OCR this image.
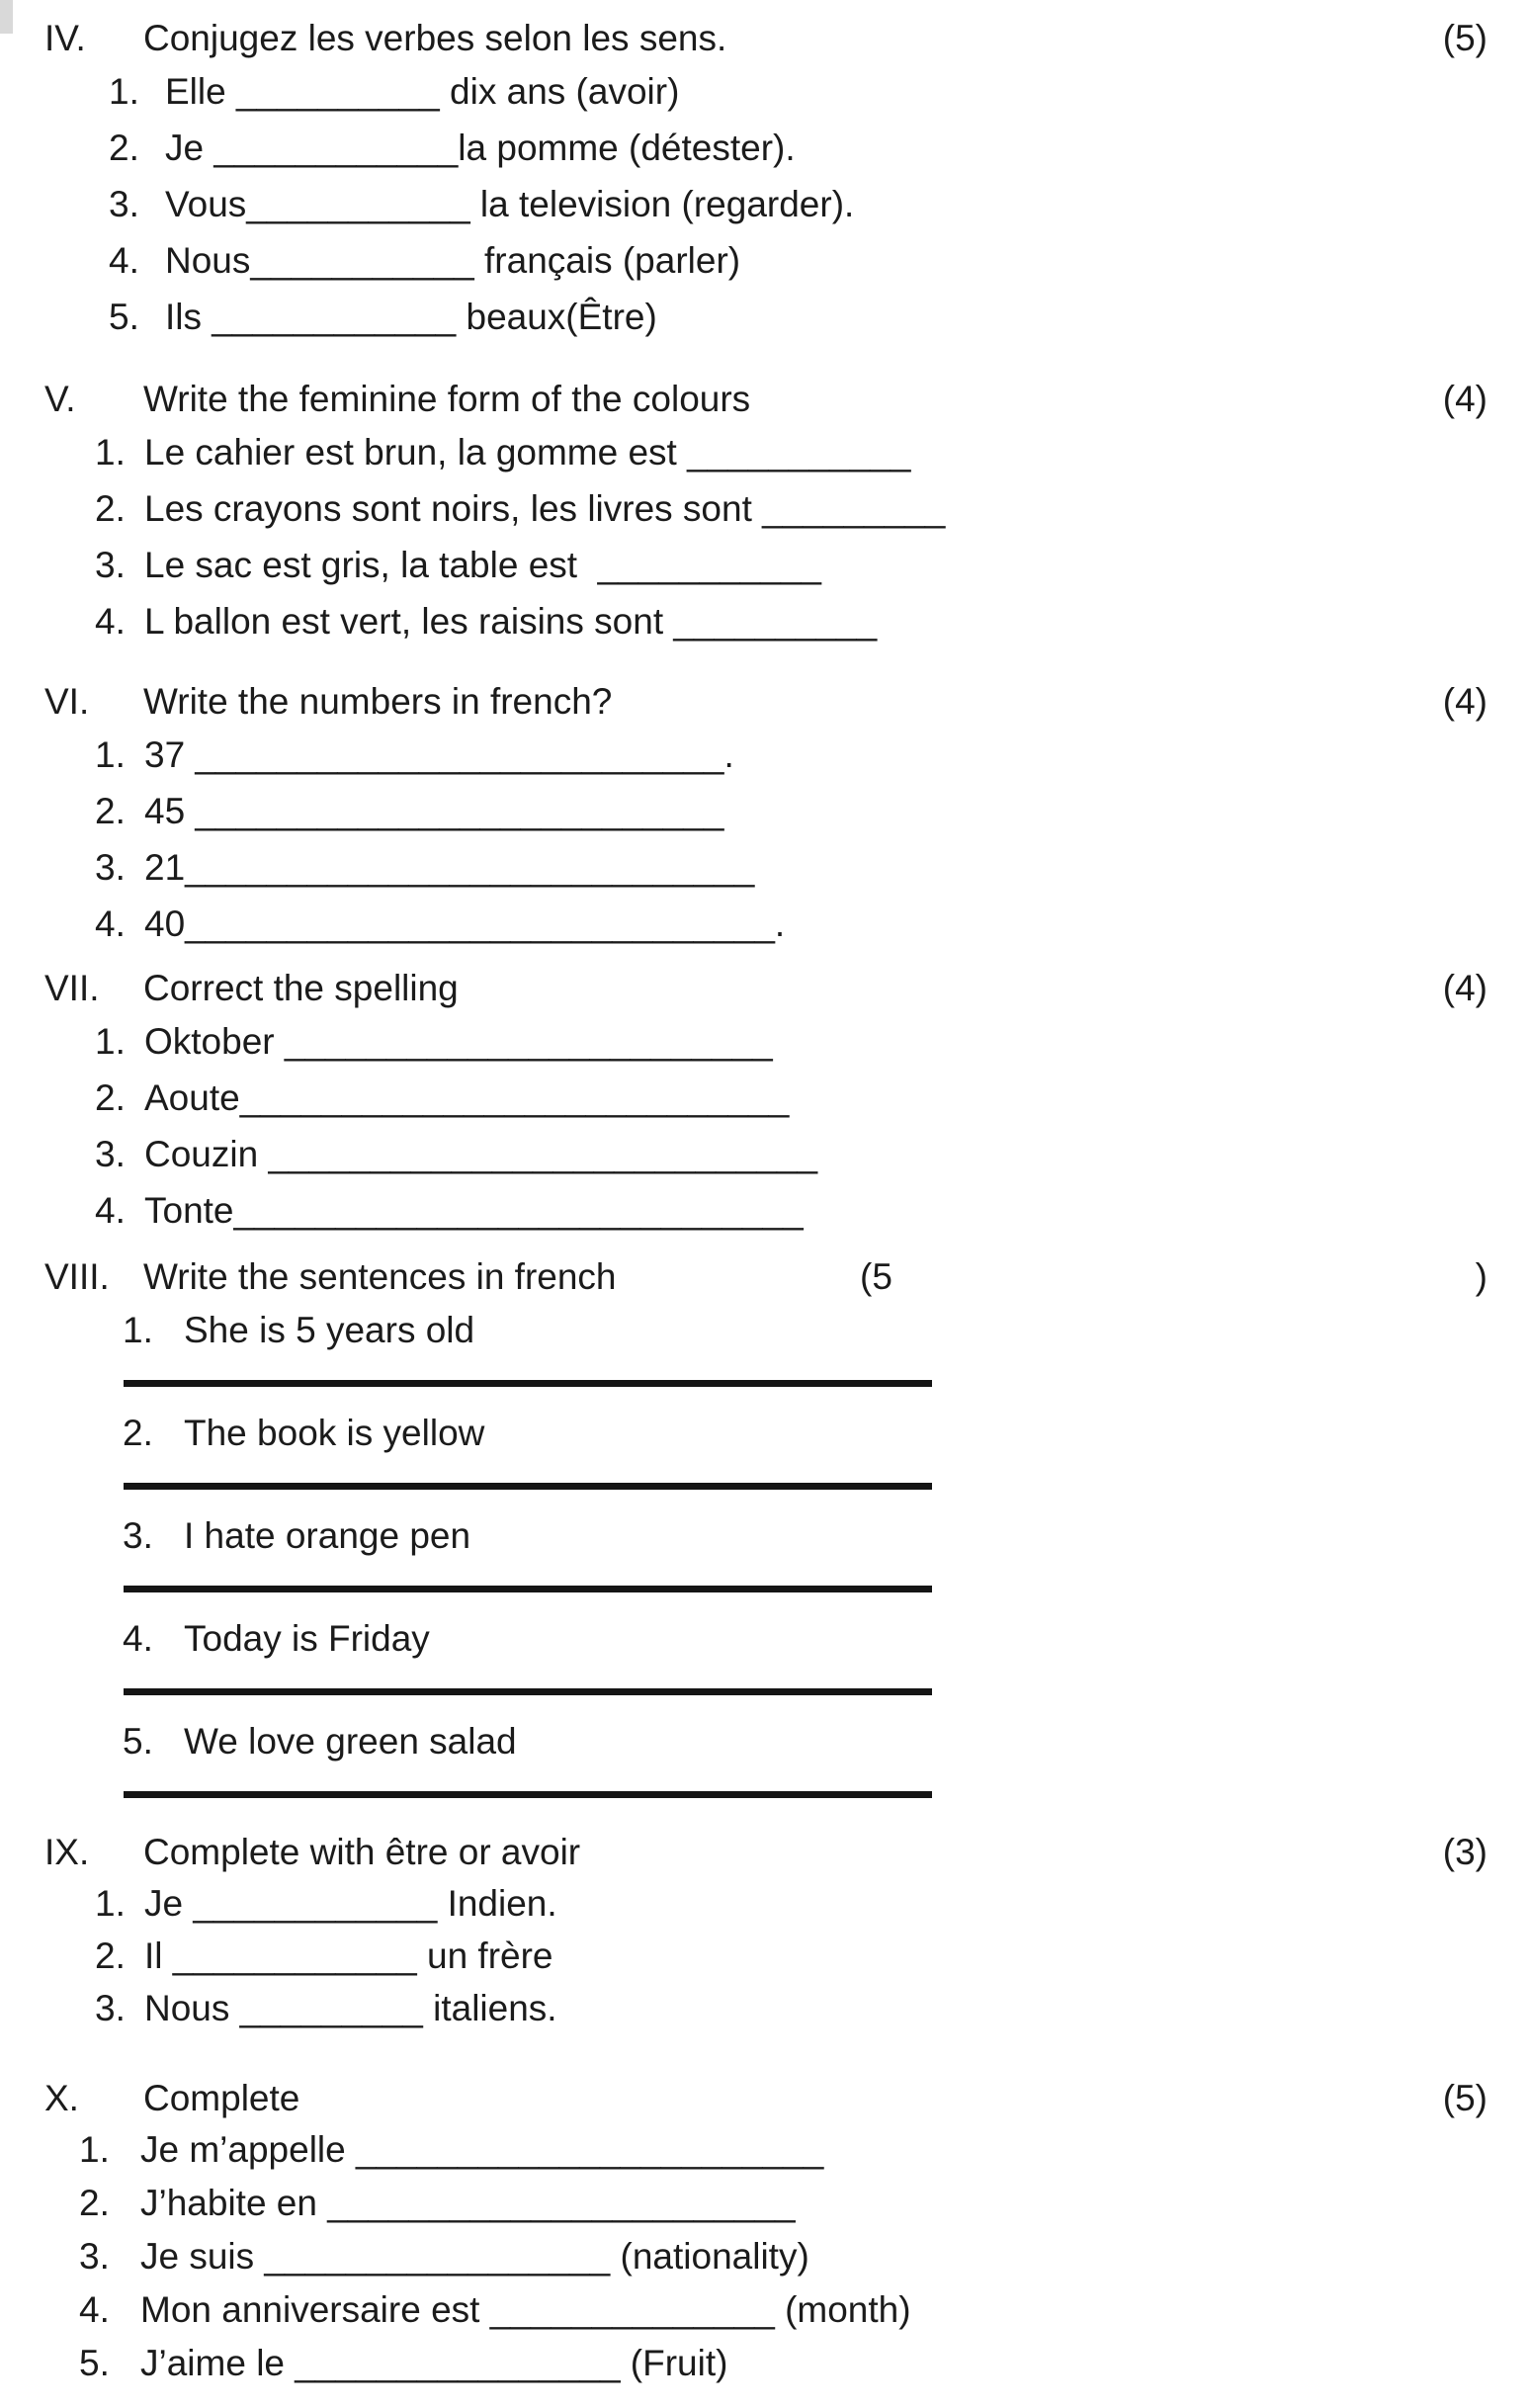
IV.	Conjugez les verbes selon les sens.	(5)
1. Elle __________ dix ans (avoir)
2. Je ____________la pomme (détester).
3. Vous___________ la television (regarder).
4. Nous___________ français (parler)
5. Ils ____________ beaux(Être)
V.	Write the feminine form of the colours	(4)
1. Le cahier est brun, la gomme est ___________
2. Les crayons sont noirs, les livres sont _________
3. Le sac est gris, la table est  ___________
4. L ballon est vert, les raisins sont __________
VI.	Write the numbers in french?	(4)
1. 37 __________________________.
2. 45 __________________________
3. 21____________________________
4. 40_____________________________.
VII.	Correct the spelling	(4)
1. Oktober ________________________
2. Aoute___________________________
3. Couzin ___________________________
4. Tonte____________________________
VIII. Write the sentences in french	(5	)
1. She is 5 years old
2. The book is yellow
3. I hate orange pen
4. Today is Friday
5. We love green salad
IX.	Complete with être or avoir	(3)
1. Je ____________ Indien.
2. Il ____________ un frère
3. Nous _________ italiens.
X.	Complete	(5)
1. Je m’appelle _______________________
2. J’habite en _______________________
3. Je suis _________________ (nationality)
4. Mon anniversaire est ______________ (month)
5. J’aime le ________________ (Fruit)
